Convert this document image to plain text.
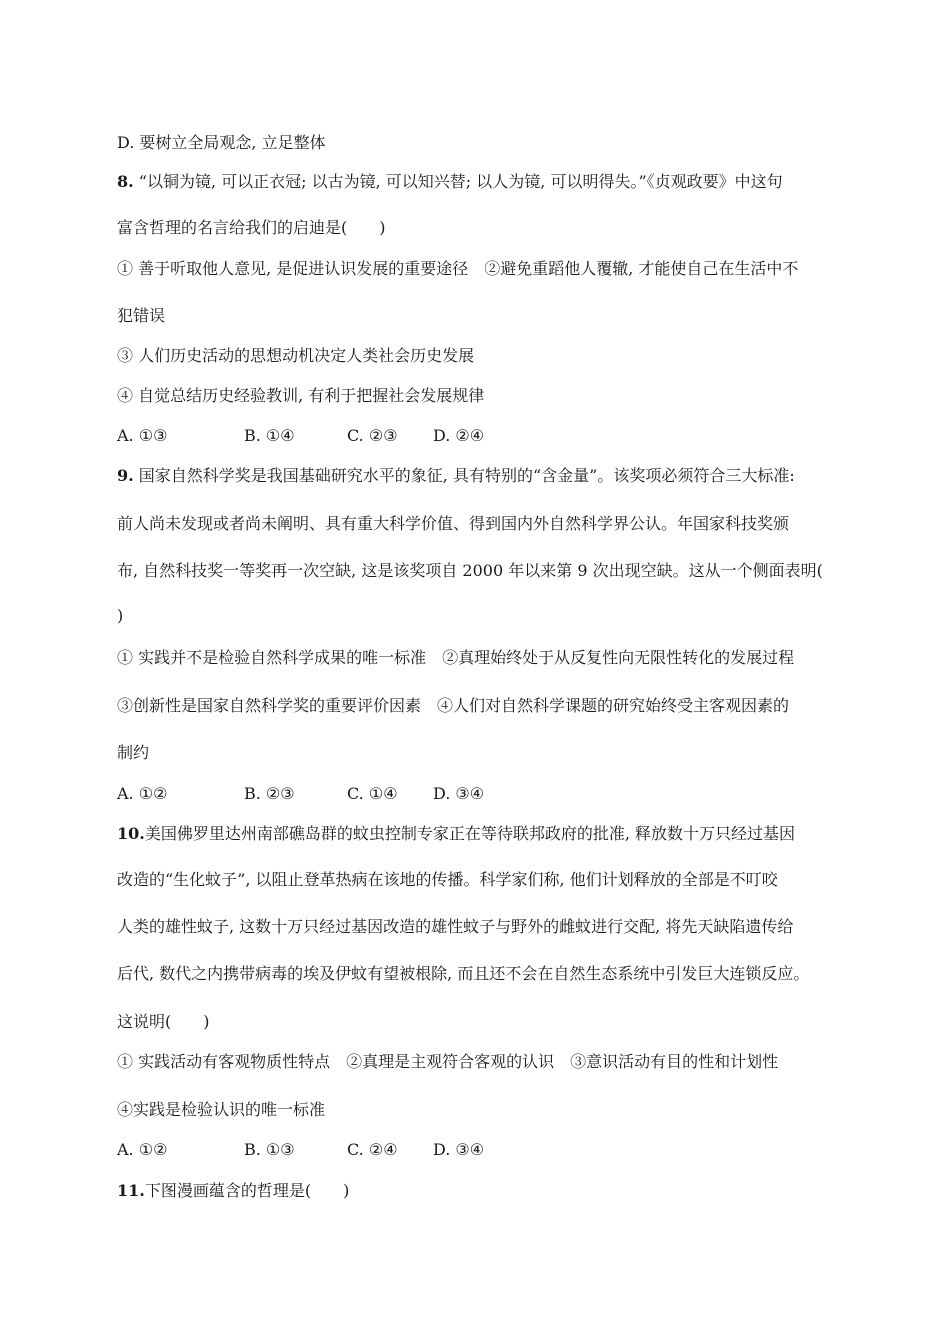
D. 要树立全局观念, 立足整体
8. “以铜为镜, 可以正衣冠; 以古为镜, 可以知兴替; 以人为镜, 可以明得失。”《贞观政要》中这句
富含哲理的名言给我们的启迪是(　　)
① 善于听取他人意见, 是促进认识发展的重要途径　②避免重蹈他人覆辙, 才能使自己在生活中不
犯错误
③ 人们历史活动的思想动机决定人类社会历史发展
④ 自觉总结历史经验教训, 有利于把握社会发展规律
A. ①③	B. ①④	C. ②③ D. ②④
9. 国家自然科学奖是我国基础研究水平的象征, 具有特别的“含金量”。该奖项必须符合三大标准:
前人尚未发现或者尚未阐明、具有重大科学价值、得到国内外自然科学界公认。年国家科技奖颁
布, 自然科技奖一等奖再一次空缺, 这是该奖项自 2000 年以来第 9 次出现空缺。这从一个侧面表明(
)
① 实践并不是检验自然科学成果的唯一标准　②真理始终处于从反复性向无限性转化的发展过程
③创新性是国家自然科学奖的重要评价因素　④人们对自然科学课题的研究始终受主客观因素的
制约
A. ①②	B. ②③	C. ①④ D. ③④
10.美国佛罗里达州南部礁岛群的蚊虫控制专家正在等待联邦政府的批准, 释放数十万只经过基因
改造的“生化蚊子”, 以阻止登革热病在该地的传播。科学家们称, 他们计划释放的全部是不叮咬
人类的雄性蚊子, 这数十万只经过基因改造的雄性蚊子与野外的雌蚊进行交配, 将先天缺陷遗传给
后代, 数代之内携带病毒的埃及伊蚊有望被根除, 而且还不会在自然生态系统中引发巨大连锁反应。
这说明(　　)
① 实践活动有客观物质性特点　②真理是主观符合客观的认识　③意识活动有目的性和计划性
④实践是检验认识的唯一标准
A. ①②	B. ①③	C. ②④ D. ③④
11.下图漫画蕴含的哲理是(　　)
